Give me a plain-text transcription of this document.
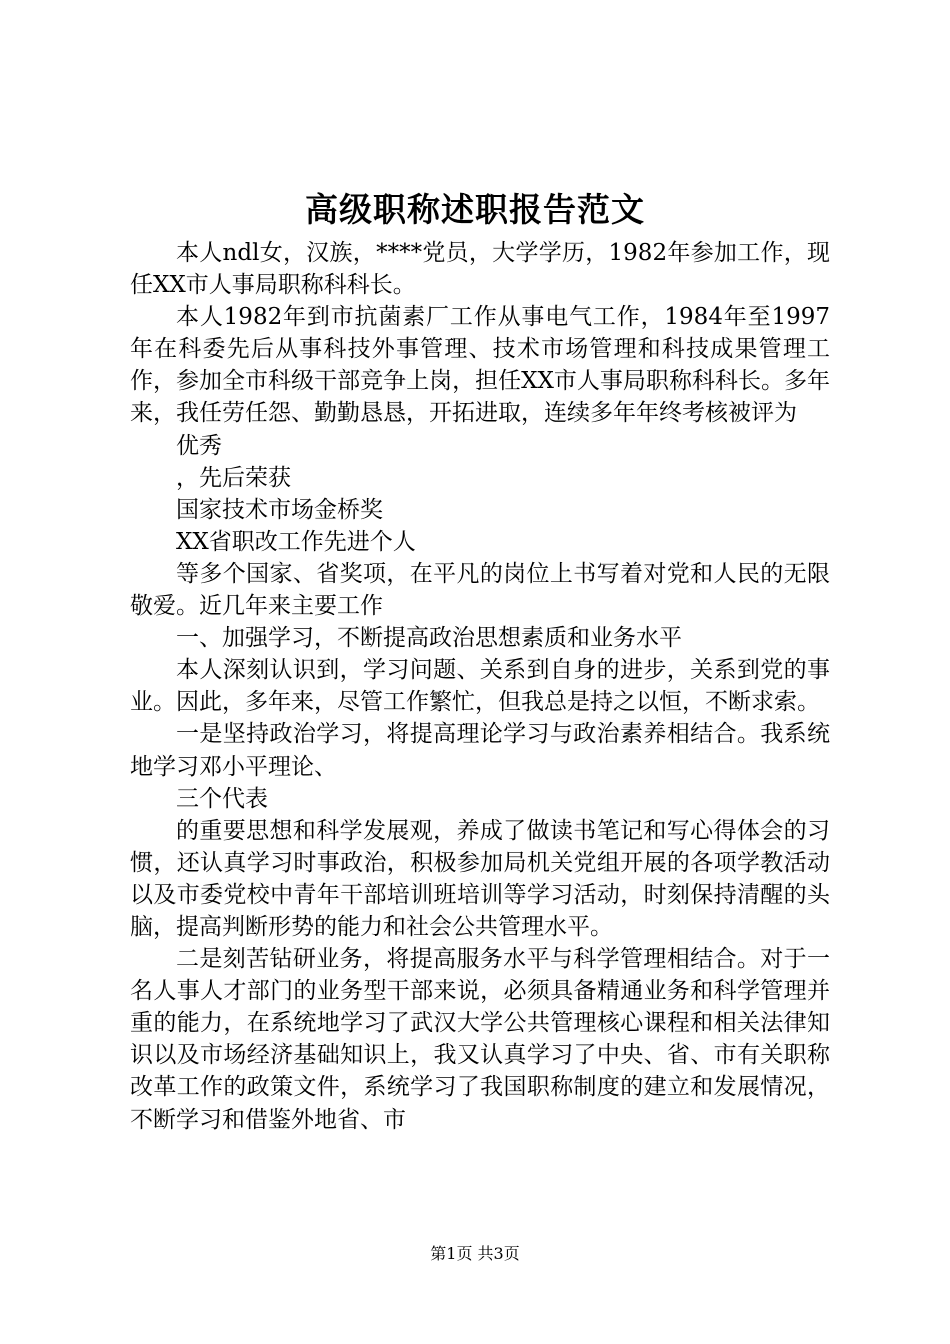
高级职称述职报告范文

本人ndl女，汉族，****党员，大学学历，1982年参加工作，现任XX市人事局职称科科长。

本人1982年到市抗菌素厂工作从事电气工作，1984年至1997年在科委先后从事科技外事管理、技术市场管理和科技成果管理工作，参加全市科级干部竞争上岗，担任XX市人事局职称科科长。多年来，我任劳任怨、勤勤恳恳，开拓进取，连续多年年终考核被评为

优秀

，先后荣获

国家技术市场金桥奖

XX省职改工作先进个人

等多个国家、省奖项，在平凡的岗位上书写着对党和人民的无限敬爱。近几年来主要工作

一、加强学习，不断提高政治思想素质和业务水平

本人深刻认识到，学习问题、关系到自身的进步，关系到党的事业。因此，多年来，尽管工作繁忙，但我总是持之以恒，不断求索。

一是坚持政治学习，将提高理论学习与政治素养相结合。我系统地学习邓小平理论、

三个代表

的重要思想和科学发展观，养成了做读书笔记和写心得体会的习惯，还认真学习时事政治，积极参加局机关党组开展的各项学教活动以及市委党校中青年干部培训班培训等学习活动，时刻保持清醒的头脑，提高判断形势的能力和社会公共管理水平。

二是刻苦钻研业务，将提高服务水平与科学管理相结合。对于一名人事人才部门的业务型干部来说，必须具备精通业务和科学管理并重的能力，在系统地学习了武汉大学公共管理核心课程和相关法律知识以及市场经济基础知识上，我又认真学习了中央、省、市有关职称改革工作的政策文件，系统学习了我国职称制度的建立和发展情况，不断学习和借鉴外地省、市

第1页 共3页
